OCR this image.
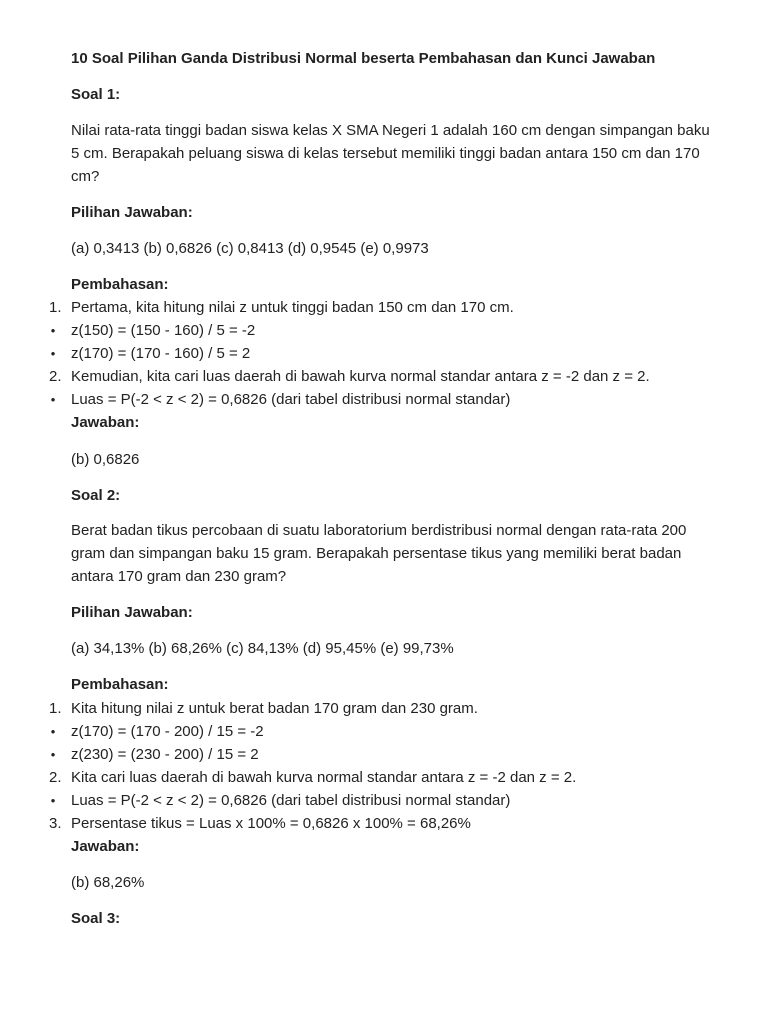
10 Soal Pilihan Ganda Distribusi Normal beserta Pembahasan dan Kunci Jawaban
Soal 1:
Nilai rata-rata tinggi badan siswa kelas X SMA Negeri 1 adalah 160 cm dengan simpangan baku
5 cm. Berapakah peluang siswa di kelas tersebut memiliki tinggi badan antara 150 cm dan 170
cm?
Pilihan Jawaban:
(a) 0,3413 (b) 0,6826 (c) 0,8413 (d) 0,9545 (e) 0,9973
Pembahasan:
1. Pertama, kita hitung nilai z untuk tinggi badan 150 cm dan 170 cm.
• z(150) = (150 - 160) / 5 = -2
• z(170) = (170 - 160) / 5 = 2
2. Kemudian, kita cari luas daerah di bawah kurva normal standar antara z = -2 dan z = 2.
• Luas = P(-2 < z < 2) = 0,6826 (dari tabel distribusi normal standar)
Jawaban:
(b) 0,6826
Soal 2:
Berat badan tikus percobaan di suatu laboratorium berdistribusi normal dengan rata-rata 200
gram dan simpangan baku 15 gram. Berapakah persentase tikus yang memiliki berat badan
antara 170 gram dan 230 gram?
Pilihan Jawaban:
(a) 34,13% (b) 68,26% (c) 84,13% (d) 95,45% (e) 99,73%
Pembahasan:
1. Kita hitung nilai z untuk berat badan 170 gram dan 230 gram.
• z(170) = (170 - 200) / 15 = -2
• z(230) = (230 - 200) / 15 = 2
2. Kita cari luas daerah di bawah kurva normal standar antara z = -2 dan z = 2.
• Luas = P(-2 < z < 2) = 0,6826 (dari tabel distribusi normal standar)
3. Persentase tikus = Luas x 100% = 0,6826 x 100% = 68,26%
Jawaban:
(b) 68,26%
Soal 3:
